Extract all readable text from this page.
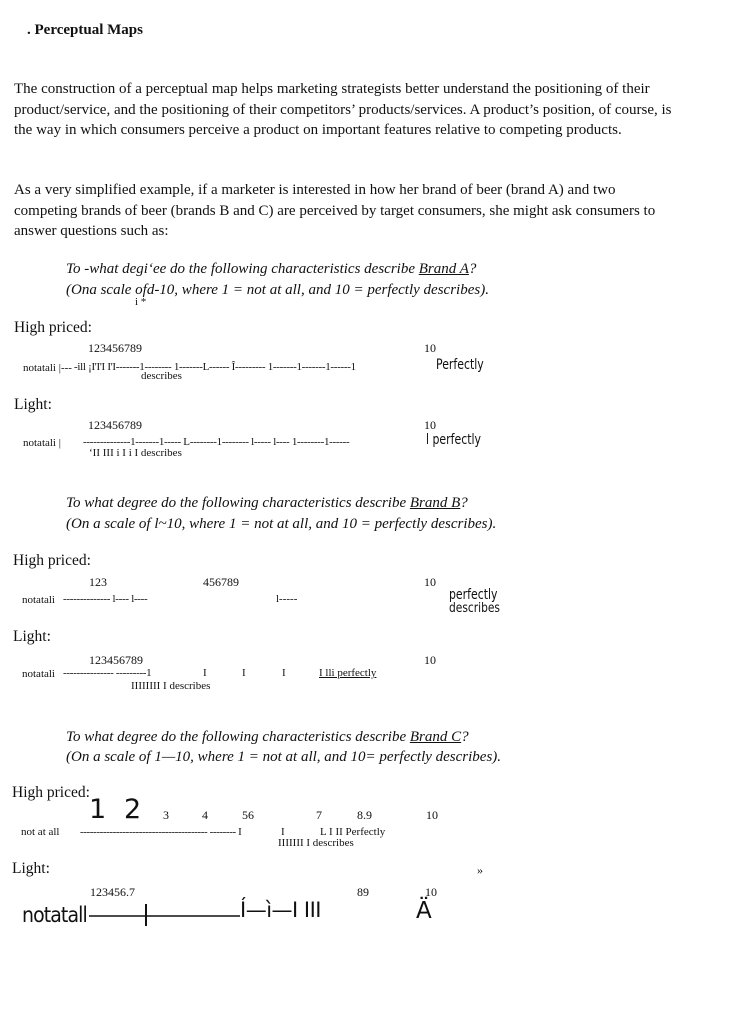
. Perceptual Maps
The construction of a perceptual map helps marketing strategists better understand the positioning of their product/service, and the positioning of their competitors’ products/services. A product’s position, of course, is the way in which consumers perceive a product on important features relative to competing products.
As a very simplified example, if a marketer is interested in how her brand of beer (brand A) and two competing brands of beer (brands B and C) are perceived by target consumers, she might ask consumers to answer questions such as:
To -what degi‘ee do the following characteristics describe Brand A?
(Ona scale ofd-10, where 1 = not at all, and 10 = perfectly describes).
i *
High priced:
123456789	10
notatali |--- -ill ¡I'I'I I'I-------1-------- 1-------L------ Î--------- 1-------1-------1------1	Perfectly
describes
Light:
123456789	10
notatali | --------------1-------1----- L--------1-------- l----- l---- 1--------1------	l perfectly
‘II III i I i I describes
To what degree do the following characteristics describe Brand B?
(On a scale of l~10, where 1 = not at all, and 10 = perfectly describes).
High priced:
123	456789	10
notatali -------------- l---- l----	l-----	perfectly
describes
Light:
123456789	10
notatali --------------- ---------1	I	I	I	I lli perfectly
IIIIIIII I describes
To what degree do the following characteristics describe Brand C?
(On a scale of 1—10, where 1 = not at all, and 10= perfectly describes).
High priced:
1 2 3	4	56	7	8.9	10
not at all --------------------------------------- -------- I	I	L I II Perfectly
IIIIIII I describes
Light:	»
123456.7	89	10
notatall	Í—ì—I III	Ä
